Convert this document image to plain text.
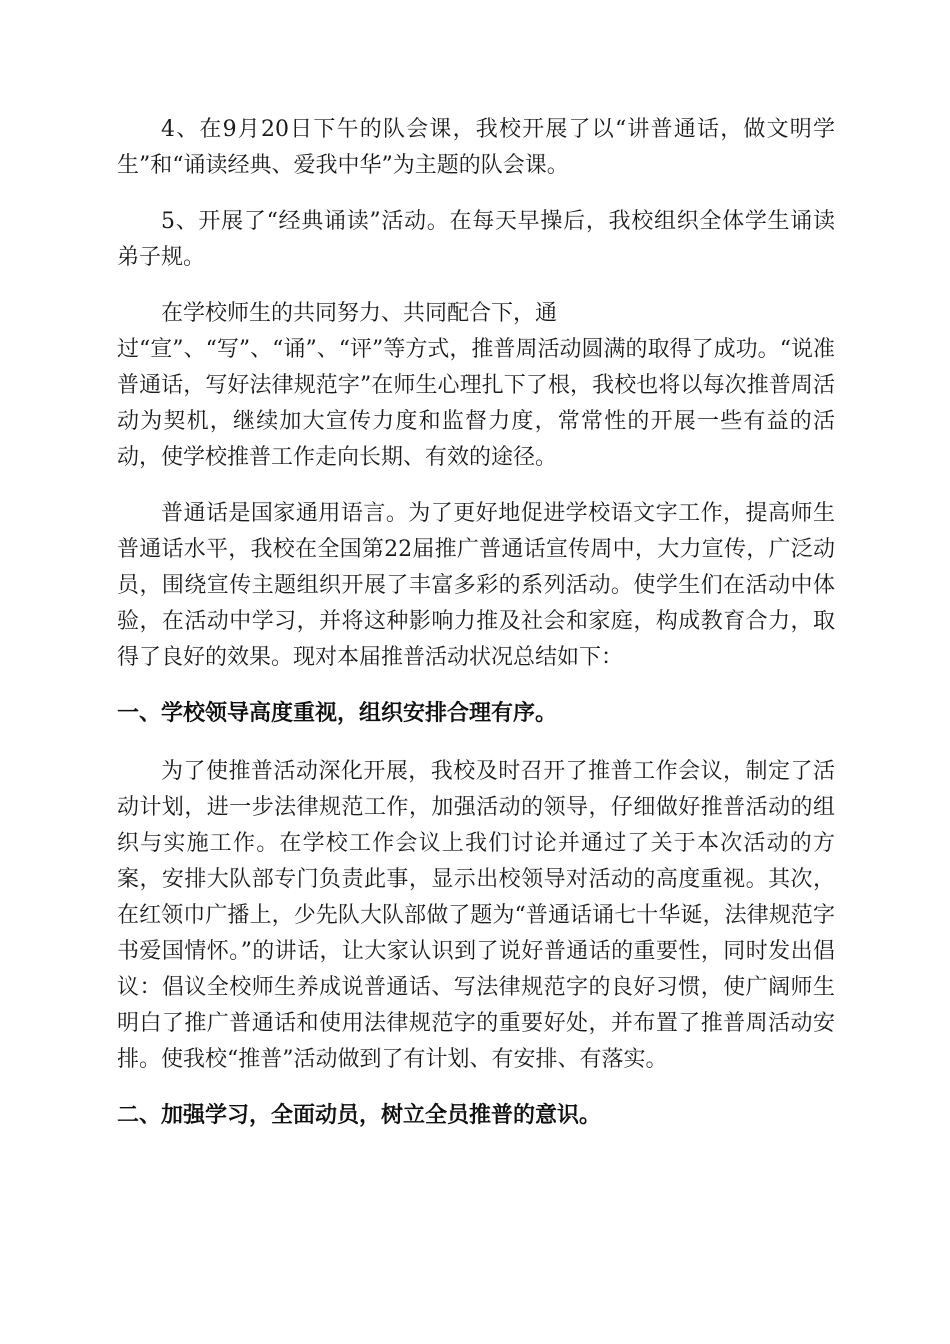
4、在9月20日下午的队会课，我校开展了以“讲普通话，做文明学生”和“诵读经典、爱我中华”为主题的队会课。

5、开展了“经典诵读”活动。在每天早操后，我校组织全体学生诵读弟子规。

在学校师生的共同努力、共同配合下，通
过“宣”、“写”、“诵”、“评”等方式，推普周活动圆满的取得了成功。“说准普通话，写好法律规范字”在师生心理扎下了根，我校也将以每次推普周活动为契机，继续加大宣传力度和监督力度，常常性的开展一些有益的活动，使学校推普工作走向长期、有效的途径。

普通话是国家通用语言。为了更好地促进学校语文字工作，提高师生普通话水平，我校在全国第22届推广普通话宣传周中，大力宣传，广泛动员，围绕宣传主题组织开展了丰富多彩的系列活动。使学生们在活动中体验，在活动中学习，并将这种影响力推及社会和家庭，构成教育合力，取得了良好的效果。现对本届推普活动状况总结如下：

一、学校领导高度重视，组织安排合理有序。

为了使推普活动深化开展，我校及时召开了推普工作会议，制定了活动计划，进一步法律规范工作，加强活动的领导，仔细做好推普活动的组织与实施工作。在学校工作会议上我们讨论并通过了关于本次活动的方案，安排大队部专门负责此事，显示出校领导对活动的高度重视。其次，在红领巾广播上，少先队大队部做了题为“普通话诵七十华诞，法律规范字书爱国情怀。”的讲话，让大家认识到了说好普通话的重要性，同时发出倡议：倡议全校师生养成说普通话、写法律规范字的良好习惯，使广阔师生明白了推广普通话和使用法律规范字的重要好处，并布置了推普周活动安排。使我校“推普”活动做到了有计划、有安排、有落实。

二、加强学习，全面动员，树立全员推普的意识。
